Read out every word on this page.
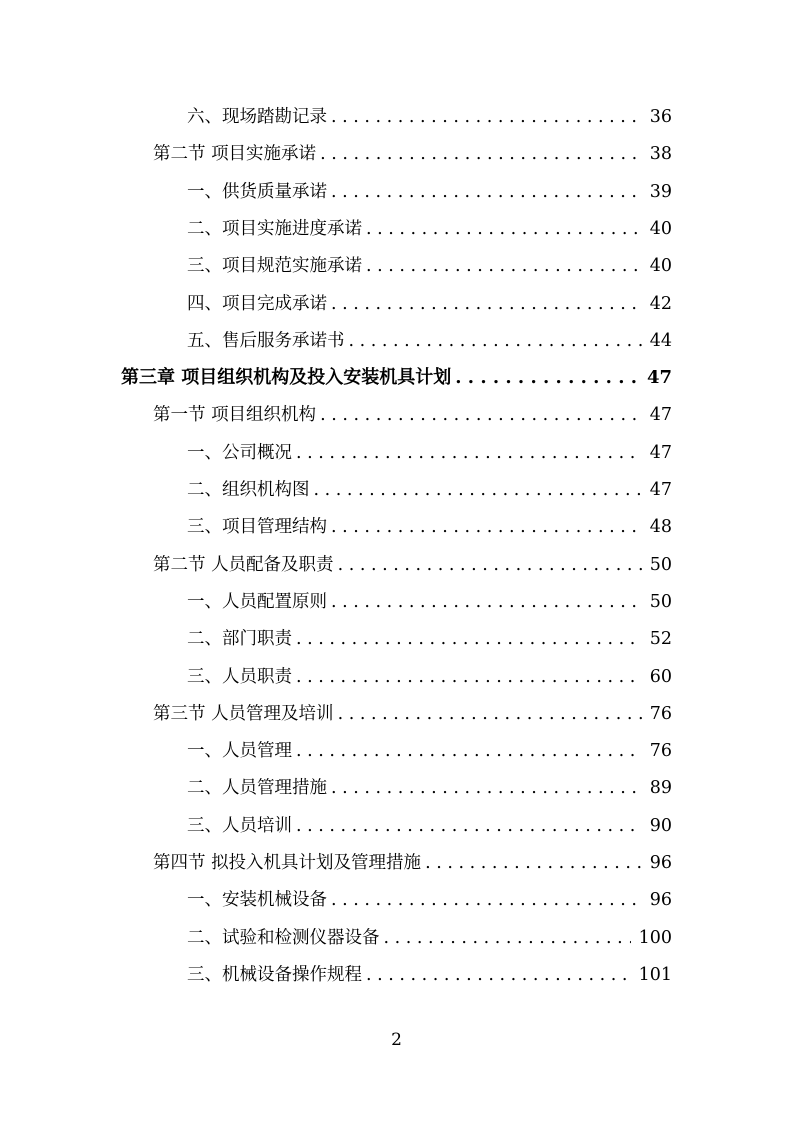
六、现场踏勘记录 . . .	36
第二节 项目实施承诺 . . .	38
一、供货质量承诺 . . .	39
二、项目实施进度承诺 . . .	40
三、项目规范实施承诺 . . .	40
四、项目完成承诺 . . .	42
五、售后服务承诺书 . . .	44
第三章 项目组织机构及投入安装机具计划 . . .	47
第一节 项目组织机构 . . .	47
一、公司概况 . . .	47
二、组织机构图 . . .	47
三、项目管理结构 . . .	48
第二节 人员配备及职责 . . .	50
一、人员配置原则 . . .	50
二、部门职责 . . .	52
三、人员职责 . . .	60
第三节 人员管理及培训 . . .	76
一、人员管理 . . .	76
二、人员管理措施 . . .	89
三、人员培训 . . .	90
第四节 拟投入机具计划及管理措施 . . .	96
一、安装机械设备 . . .	96
二、试验和检测仪器设备 . . .	100
三、机械设备操作规程 . . .	101
2
